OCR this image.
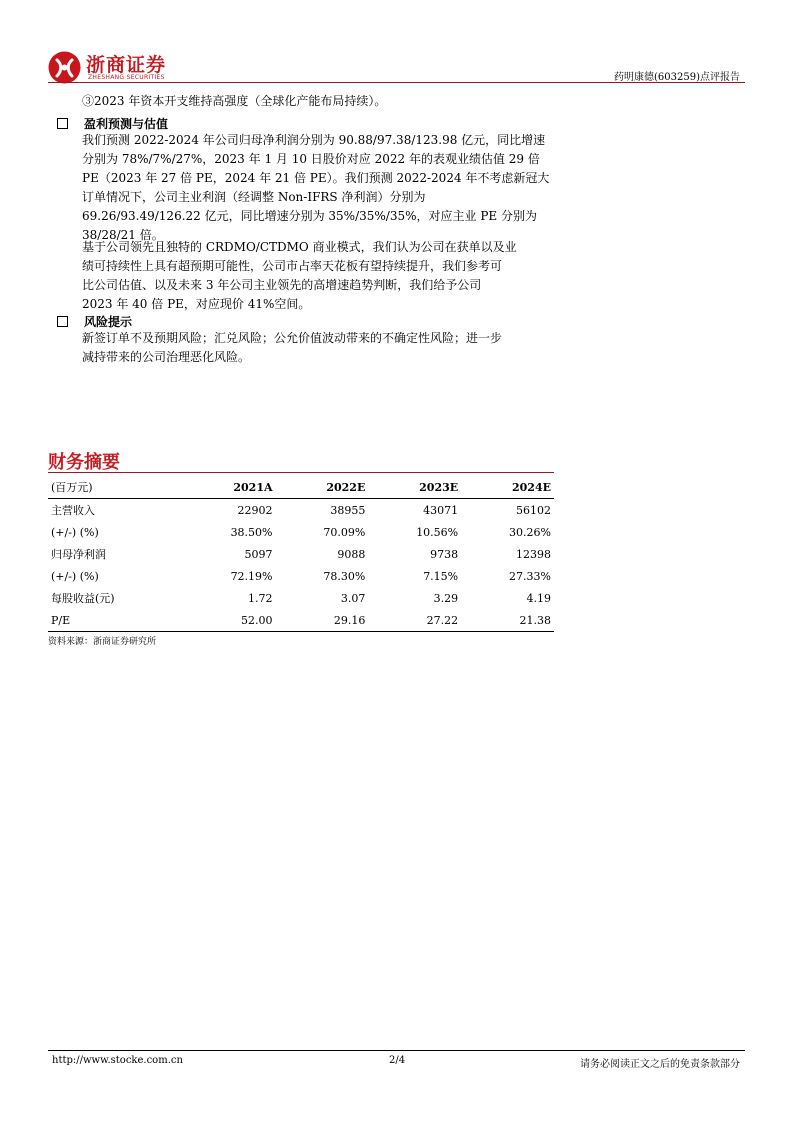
浙商证券
ZHESHANG SECURITIES	药明康德(603259)点评报告
③2023 年资本开支维持高强度（全球化产能布局持续）。
盈利预测与估值
我们预测 2022-2024 年公司归母净利润分别为 90.88/97.38/123.98 亿元，同比增速
分别为 78%/7%/27%，2023 年 1 月 10 日股价对应 2022 年的表观业绩估值 29 倍
PE（2023 年 27 倍 PE，2024 年 21 倍 PE）。我们预测 2022-2024 年不考虑新冠大
订单情况下，公司主业利润（经调整 Non-IFRS 净利润）分别为
69.26/93.49/126.22 亿元，同比增速分别为 35%/35%/35%，对应主业 PE 分别为
38/28/21 倍。
基于公司领先且独特的 CRDMO/CTDMO 商业模式，我们认为公司在获单以及业
绩可持续性上具有超预期可能性，公司市占率天花板有望持续提升，我们参考可
比公司估值、以及未来 3 年公司主业领先的高增速趋势判断，我们给予公司
2023 年 40 倍 PE，对应现价 41%空间。
风险提示
新签订单不及预期风险；汇兑风险；公允价值波动带来的不确定性风险；进一步
减持带来的公司治理恶化风险。
财务摘要
(百万元)	2021A	2022E	2023E	2024E
主营收入	22902	38955	43071	56102
(+/-) (%)	38.50%	70.09%	10.56%	30.26%
归母净利润	5097	9088	9738	12398
(+/-) (%)	72.19%	78.30%	7.15%	27.33%
每股收益(元)	1.72	3.07	3.29	4.19
P/E	52.00	29.16	27.22	21.38
资料来源：浙商证券研究所
http://www.stocke.com.cn	2/4	请务必阅读正文之后的免责条款部分
